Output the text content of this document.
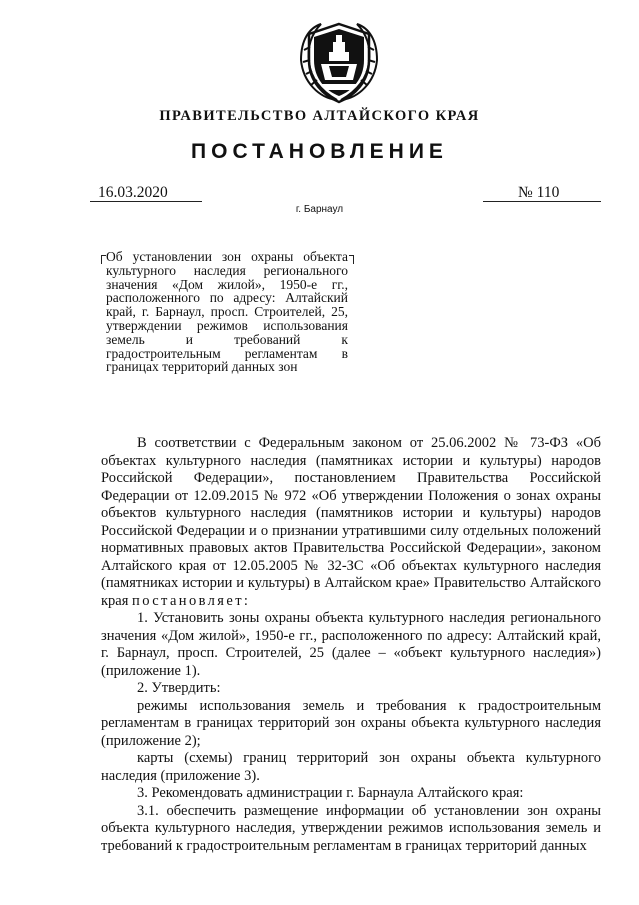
ПРАВИТЕЛЬСТВО АЛТАЙСКОГО КРАЯ
ПОСТАНОВЛЕНИЕ
16.03.2020	№ 110
г. Барнаул
Об установлении зон охраны объекта культурного наследия регионального значения «Дом жилой», 1950-е гг., расположенного по адресу: Алтайский край, г. Барнаул, просп. Строителей, 25, утверждении режимов использования земель и требований к градостроительным регламентам в границах территорий данных зон

В соответствии с Федеральным законом от 25.06.2002 № 73-ФЗ «Об объектах культурного наследия (памятниках истории и культуры) народов Российской Федерации», постановлением Правительства Российской Федерации от 12.09.2015 № 972 «Об утверждении Положения о зонах охраны объектов культурного наследия (памятников истории и культуры) народов Российской Федерации и о признании утратившими силу отдельных положений нормативных правовых актов Правительства Российской Федерации», законом Алтайского края от 12.05.2005 № 32-ЗС «Об объектах культурного наследия (памятниках истории и культуры) в Алтайском крае» Правительство Алтайского края постановляет:

1. Установить зоны охраны объекта культурного наследия регионального значения «Дом жилой», 1950-е гг., расположенного по адресу: Алтайский край, г. Барнаул, просп. Строителей, 25 (далее – «объект культурного наследия») (приложение 1).

2. Утвердить:

режимы использования земель и требования к градостроительным регламентам в границах территорий зон охраны объекта культурного наследия (приложение 2);

карты (схемы) границ территорий зон охраны объекта культурного наследия (приложение 3).

3. Рекомендовать администрации г. Барнаула Алтайского края:

3.1. обеспечить размещение информации об установлении зон охраны объекта культурного наследия, утверждении режимов использования земель и требований к градостроительным регламентам в границах территорий данных
